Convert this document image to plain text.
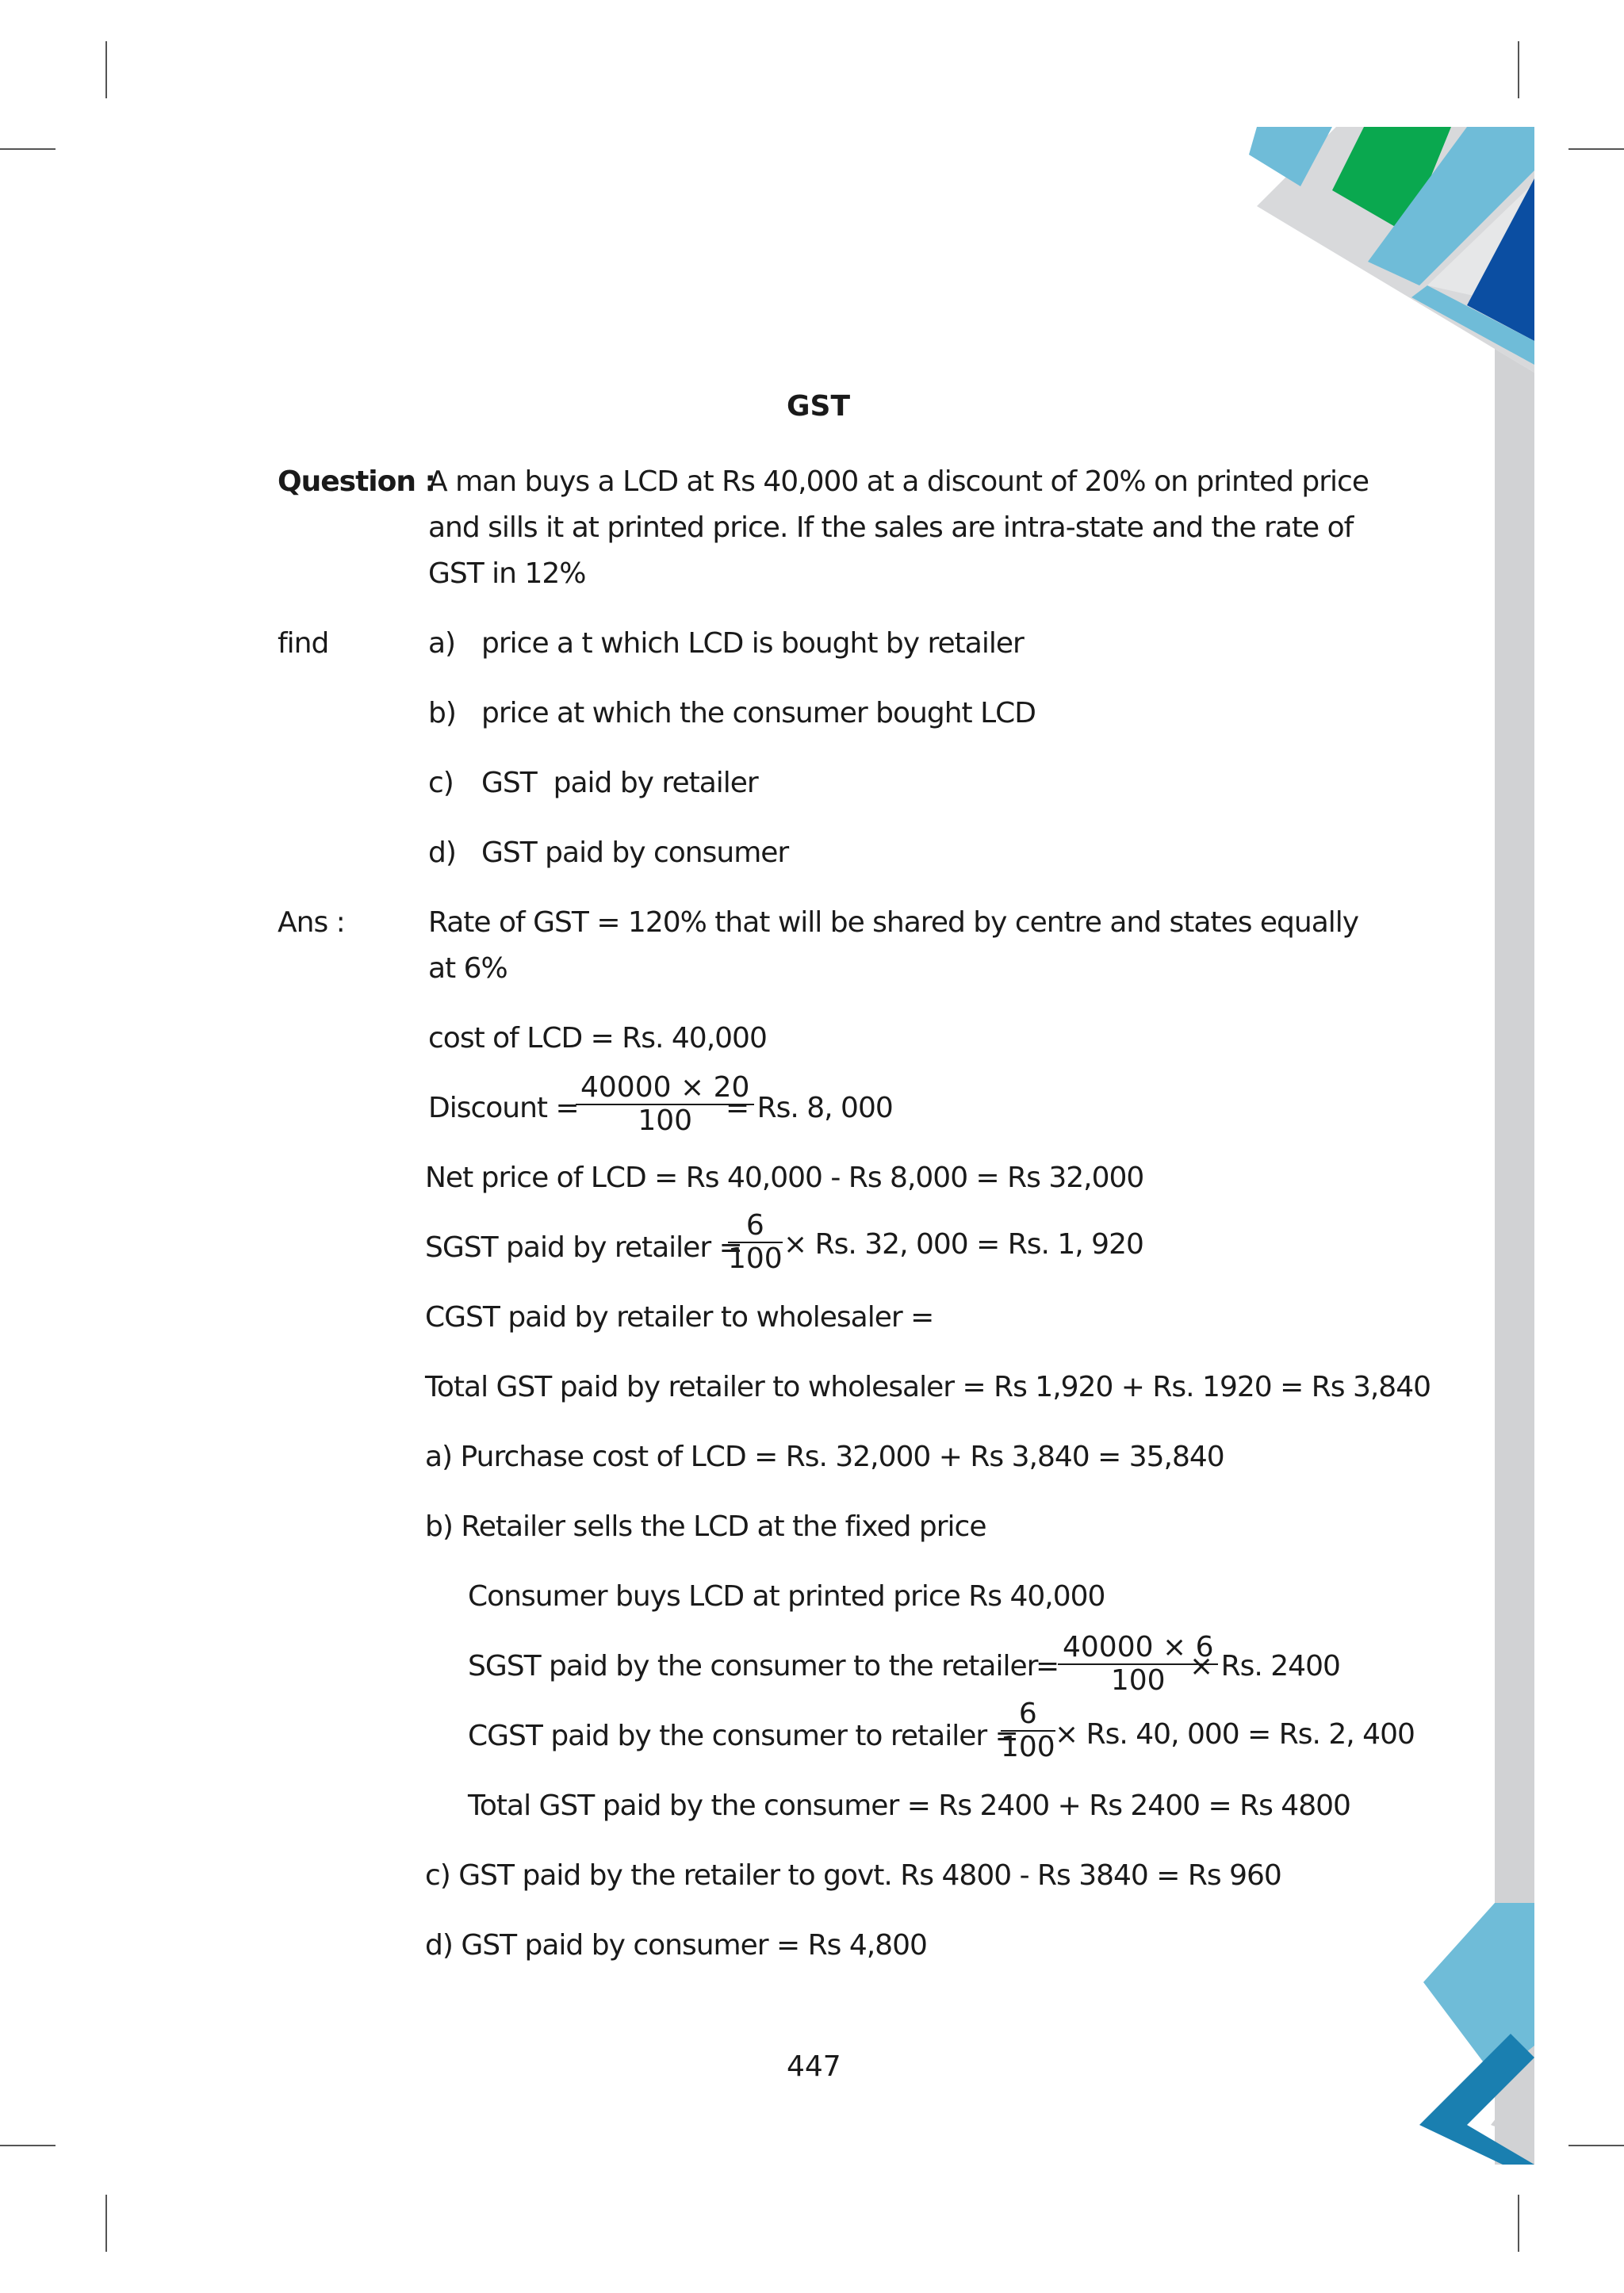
GST
Question :
A man buys a LCD at Rs 40,000 at a discount of 20% on printed price
and sills it at printed price. If the sales are intra-state and the rate of
GST in 12%
find	a) price a t which LCD is bought by retailer
b) price at which the consumer bought LCD
c) GST  paid by retailer
d) GST paid by consumer
Ans :	Rate of GST = 120% that will be shared by centre and states equally
at 6%
cost of LCD = Rs. 40,000
Discount =
$\frac{40000 \times 20}{100}$
= Rs. 8, 000
Net price of LCD = Rs 40,000 - Rs 8,000 = Rs 32,000
SGST paid by retailer =
$\frac{6}{100} \times Rs$. 32, 000 = Rs. 1, 920
CGST paid by retailer to wholesaler =
Total GST paid by retailer to wholesaler = Rs 1,920 + Rs. 1920 = Rs 3,840
a) Purchase cost of LCD = Rs. 32,000 + Rs 3,840 = 35,840
b) Retailer sells the LCD at the fixed price
Consumer buys LCD at printed price Rs 40,000
SGST paid by the consumer to the retailer
=
$\frac{40000 \times 6}{100}$
× Rs. 2400
CGST paid by the consumer to retailer =
$\frac{6}{100} \times Rs$. 40, 000 = Rs. 2, 400
Total GST paid by the consumer = Rs 2400 + Rs 2400 = Rs 4800
c) GST paid by the retailer to govt. Rs 4800 - Rs 3840 = Rs 960
d) GST paid by consumer = Rs 4,800
447
